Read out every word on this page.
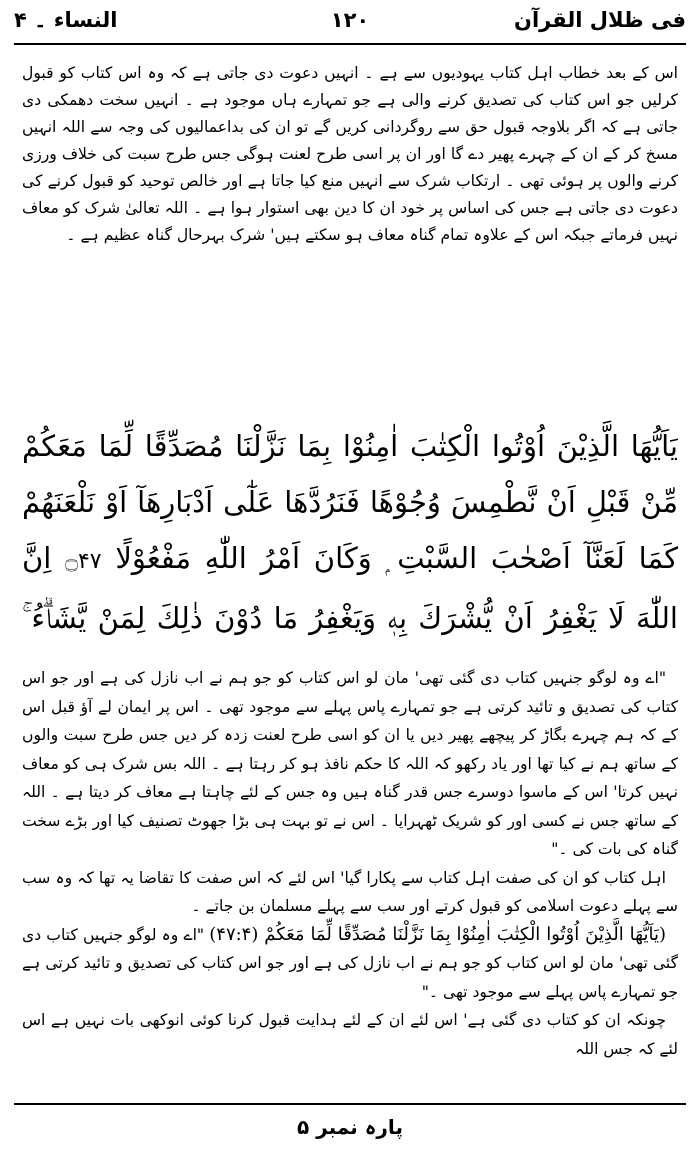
النساء ۔ ۴	۱۲۰	فی ظلال القرآن
اس کے بعد خطاب اہل کتاب یہودیوں سے ہے ۔ انہیں دعوت دی جاتی ہے کہ وہ اس کتاب کو قبول کرلیں جو اس کتاب کی تصدیق کرنے والی ہے جو تمہارے ہاں موجود ہے ۔ انہیں سخت دھمکی دی جاتی ہے کہ اگر بلاوجہ قبول حق سے روگردانی کریں گے تو ان کی بداعمالیوں کی وجہ سے اللہ انہیں مسخ کر کے ان کے چہرے پھیر دے گا اور ان پر اسی طرح لعنت ہوگی جس طرح سبت کی خلاف ورزی کرنے والوں پر ہوئی تھی ۔ ارتکاب شرک سے انہیں منع کیا جاتا ہے اور خالص توحید کو قبول کرنے کی دعوت دی جاتی ہے جس کی اساس پر خود ان کا دین بھی استوار ہوا ہے ۔ اللہ تعالیٰ شرک کو معاف نہیں فرماتے جبکہ اس کے علاوہ تمام گناہ معاف ہو سکتے ہیں' شرک بہرحال گناہ عظیم ہے ۔
يَاَيُّهَا الَّذِيْنَ اُوْتُوا الْكِتٰبَ اٰمِنُوْا بِمَا نَزَّلْنَا مُصَدِّقًا لِّمَا مَعَكُمْ مِّنْ قَبْلِ اَنْ نَّطْمِسَ وُجُوْهًا فَنَرُدَّهَا عَلٰٓى اَدْبَارِهَآ اَوْ نَلْعَنَهُمْ كَمَا لَعَنَّآ اَصْحٰبَ السَّبْتِ ۭ وَكَانَ اَمْرُ اللّٰهِ مَفْعُوْلًا ۝۴۷ اِنَّ اللّٰهَ لَا يَغْفِرُ اَنْ يُّشْرَكَ بِهٖ وَيَغْفِرُ مَا دُوْنَ ذٰلِكَ لِمَنْ يَّشَاۗءُ ۚ

"اے وہ لوگو جنہیں کتاب دی گئی تھی' مان لو اس کتاب کو جو ہم نے اب نازل کی ہے اور جو اس کتاب کی تصدیق و تائید کرتی ہے جو تمہارے پاس پہلے سے موجود تھی ۔ اس پر ایمان لے آؤ قبل اس کے کہ ہم چہرے بگاڑ کر پیچھے پھیر دیں یا ان کو اسی طرح لعنت زدہ کر دیں جس طرح سبت والوں کے ساتھ ہم نے کیا تھا اور یاد رکھو کہ اللہ کا حکم نافذ ہو کر رہتا ہے ۔ اللہ بس شرک ہی کو معاف نہیں کرتا' اس کے ماسوا دوسرے جس قدر گناہ ہیں وہ جس کے لئے چاہتا ہے معاف کر دیتا ہے ۔ اللہ کے ساتھ جس نے کسی اور کو شریک ٹھہرایا ۔ اس نے تو بہت ہی بڑا جھوٹ تصنیف کیا اور بڑے سخت گناہ کی بات کی ۔"

اہل کتاب کو ان کی صفت اہل کتاب سے پکارا گیا' اس لئے کہ اس صفت کا تقاضا یہ تھا کہ وہ سب سے پہلے دعوت اسلامی کو قبول کرتے اور سب سے پہلے مسلمان بن جاتے ۔

(يَاَيُّهَا الَّذِيْنَ اُوْتُوا الْكِتٰبَ اٰمِنُوْا بِمَا نَزَّلْنَا مُصَدِّقًا لِّمَا مَعَكُمْ (۴۷:۴) "اے وہ لوگو جنہیں کتاب دی گئی تھی' مان لو اس کتاب کو جو ہم نے اب نازل کی ہے اور جو اس کتاب کی تصدیق و تائید کرتی ہے جو تمہارے پاس پہلے سے موجود تھی ۔"

چونکہ ان کو کتاب دی گئی ہے' اس لئے ان کے لئے ہدایت قبول کرنا کوئی انوکھی بات نہیں ہے اس لئے کہ جس اللہ

پارہ نمبر ۵
